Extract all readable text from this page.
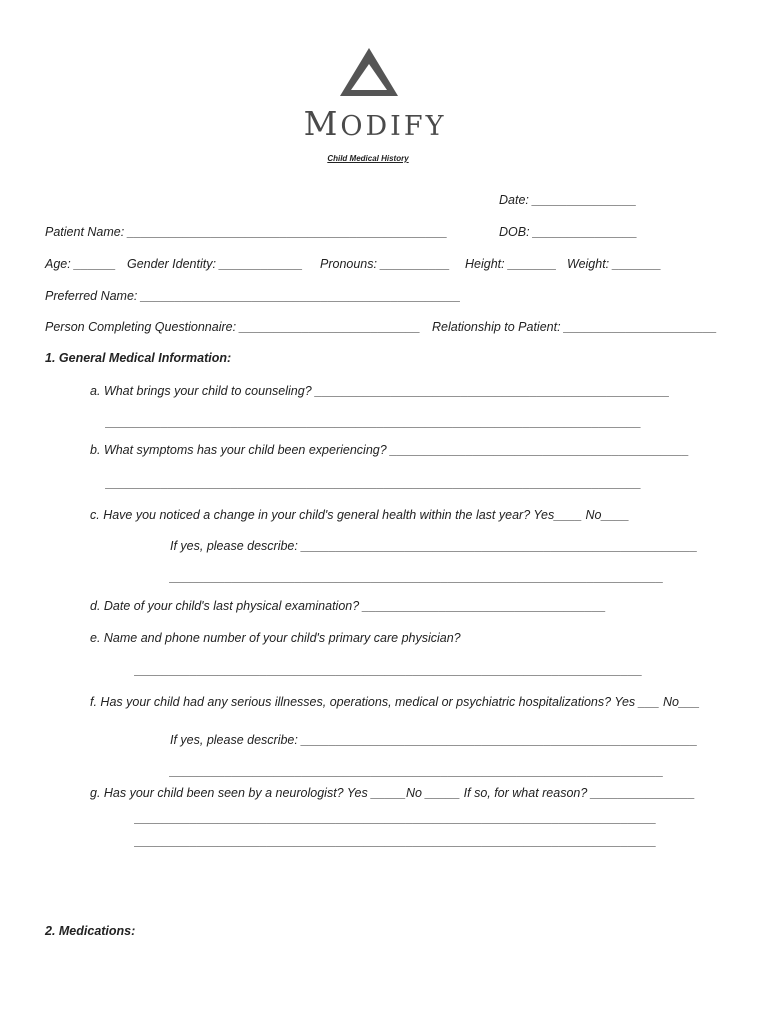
MODIFY
Child Medical History
Date: _______________
Patient Name: ______________________________________________	DOB: _______________
Age: ______ Gender Identity: ____________ Pronouns: __________ Height: _______ Weight: _______
Preferred Name: ______________________________________________
Person Completing Questionnaire: __________________________ Relationship to Patient: ______________________
1. General Medical Information:
a. What brings your child to counseling? ___________________________________________________
_____________________________________________________________________________
b. What symptoms has your child been experiencing? ___________________________________________
_____________________________________________________________________________
c. Have you noticed a change in your child's general health within the last year? Yes____ No____
If yes, please describe: _________________________________________________________
_______________________________________________________________________
d. Date of your child's last physical examination? ___________________________________
e. Name and phone number of your child's primary care physician?
_________________________________________________________________________
f. Has your child had any serious illnesses, operations, medical or psychiatric hospitalizations? Yes ___ No___
If yes, please describe: _________________________________________________________
_______________________________________________________________________
g. Has your child been seen by a neurologist? Yes _____No _____ If so, for what reason? _______________
___________________________________________________________________________
___________________________________________________________________________
2. Medications:
